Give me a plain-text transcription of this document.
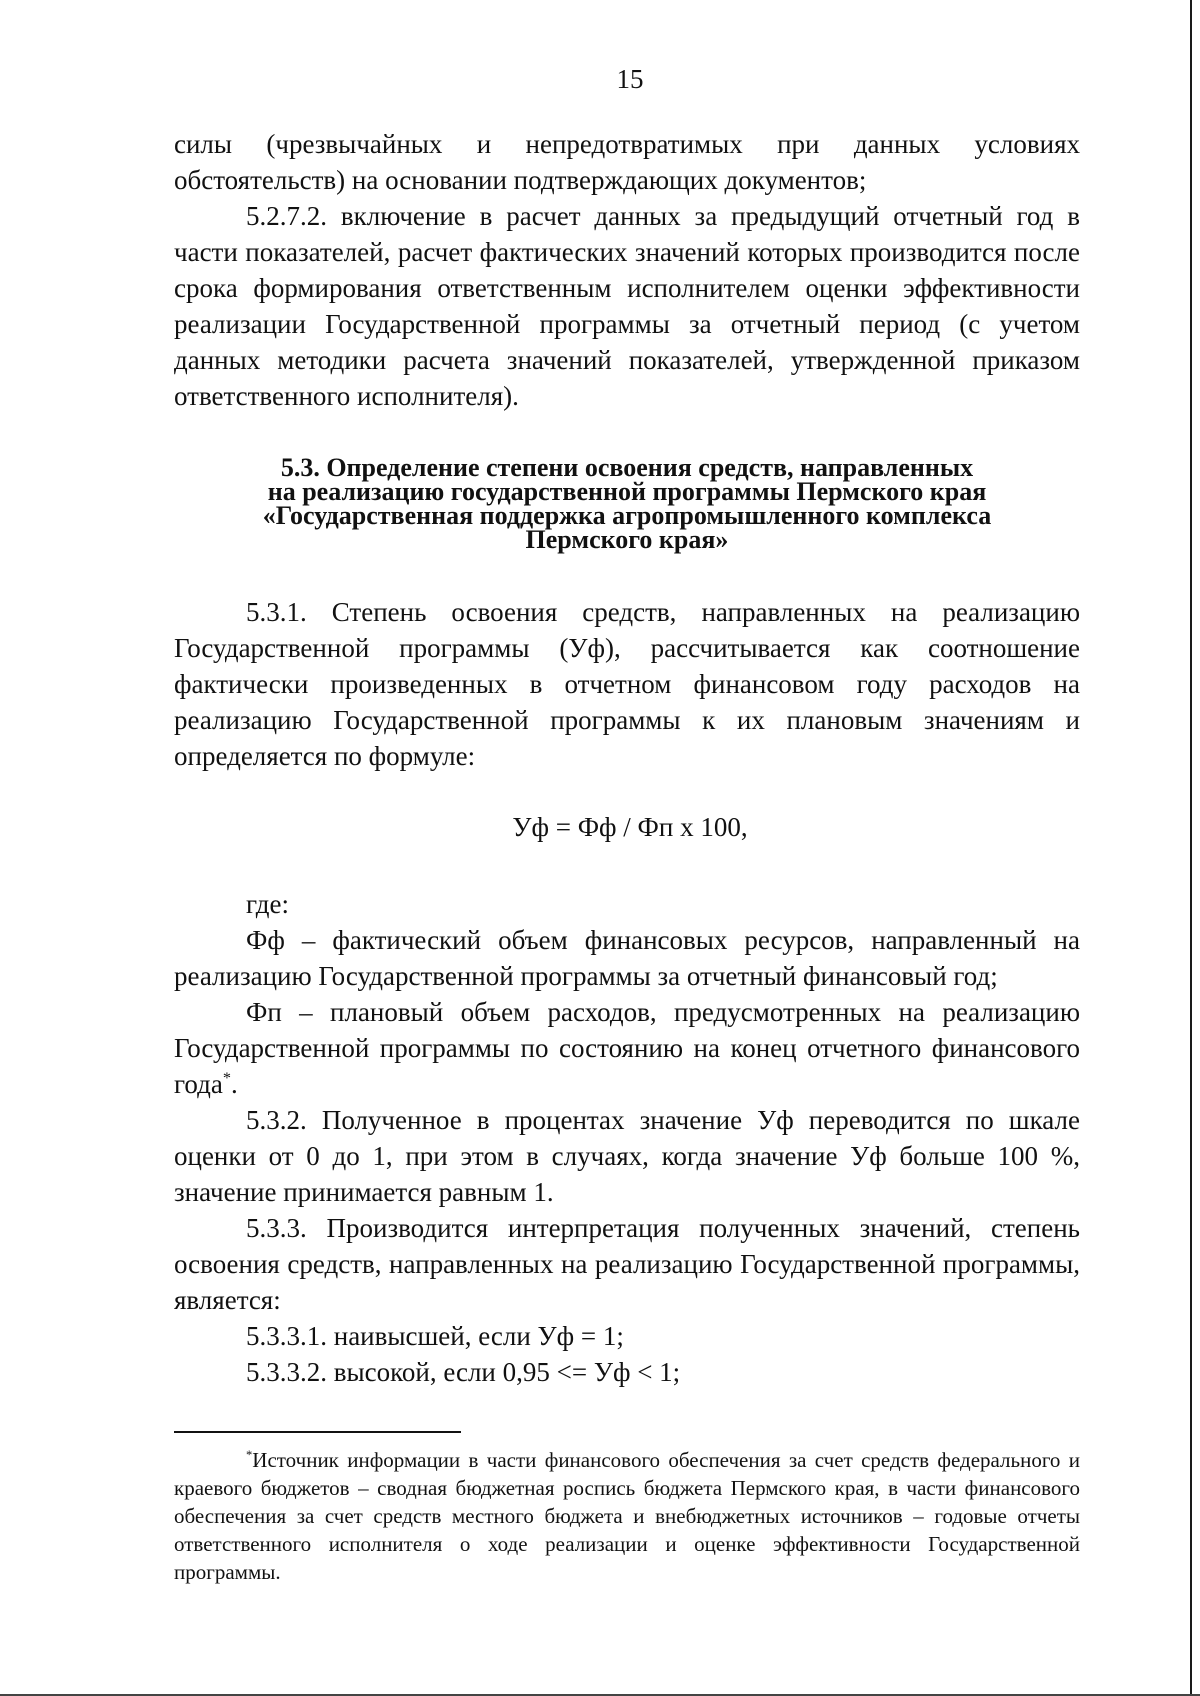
15

силы (чрезвычайных и непредотвратимых при данных условиях обстоятельств) на основании подтверждающих документов;

5.2.7.2. включение в расчет данных за предыдущий отчетный год в части показателей, расчет фактических значений которых производится после срока формирования ответственным исполнителем оценки эффективности реализации Государственной программы за отчетный период (с учетом данных методики расчета значений показателей, утвержденной приказом ответственного исполнителя).

5.3. Определение степени освоения средств, направленных
на реализацию государственной программы Пермского края
«Государственная поддержка агропромышленного комплекса
Пермского края»

5.3.1. Степень освоения средств, направленных на реализацию Государственной программы (Уф), рассчитывается как соотношение фактически произведенных в отчетном финансовом году расходов на реализацию Государственной программы к их плановым значениям и определяется по формуле:

Уф = Фф / Фп х 100,

где:

Фф – фактический объем финансовых ресурсов, направленный на реализацию Государственной программы за отчетный финансовый год;

Фп – плановый объем расходов, предусмотренных на реализацию Государственной программы по состоянию на конец отчетного финансового года*.

5.3.2. Полученное в процентах значение Уф переводится по шкале оценки от 0 до 1, при этом в случаях, когда значение Уф больше 100 %, значение принимается равным 1.

5.3.3. Производится интерпретация полученных значений, степень освоения средств, направленных на реализацию Государственной программы, является:

5.3.3.1. наивысшей, если Уф = 1;

5.3.3.2. высокой, если 0,95 <= Уф < 1;

*Источник информации в части финансового обеспечения за счет средств федерального и краевого бюджетов – сводная бюджетная роспись бюджета Пермского края, в части финансового обеспечения за счет средств местного бюджета и внебюджетных источников – годовые отчеты ответственного исполнителя о ходе реализации и оценке эффективности Государственной программы.
